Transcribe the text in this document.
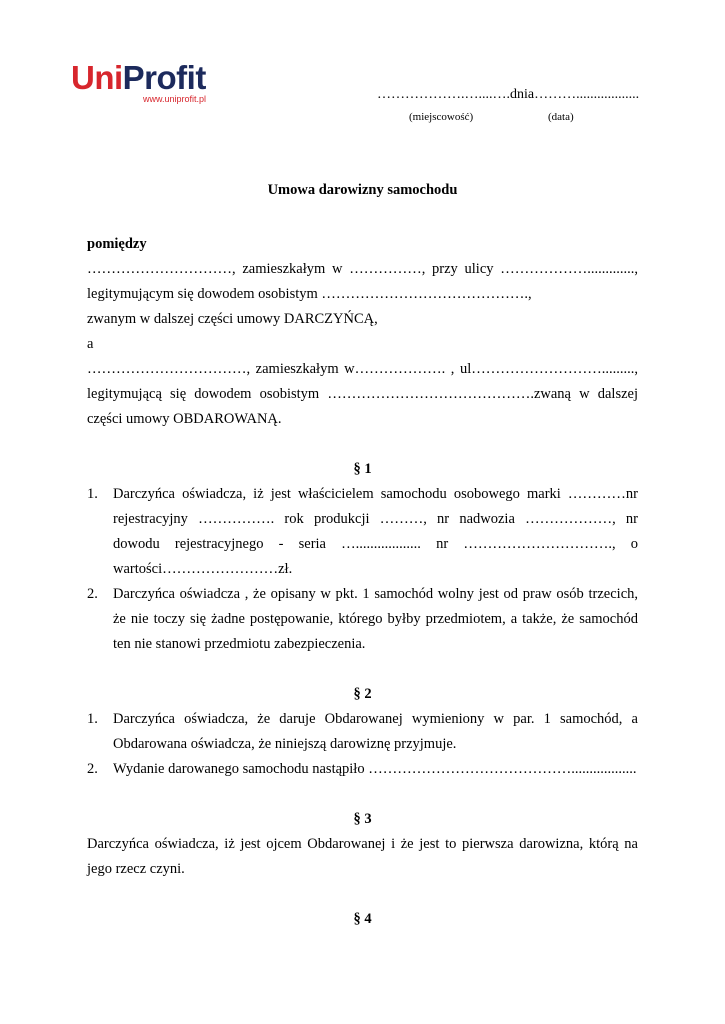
UniProfit
www.uniprofit.pl	……………….…....….dnia………..................
(miejscowość)	(data)
Umowa darowizny samochodu

pomiędzy

…………………………, zamieszkałym w ……………, przy ulicy ……………….............,

legitymującym się dowodem osobistym …………………………………….,

zwanym w dalszej części umowy DARCZYŃCĄ,

a

……………………………, zamieszkałym w………………. , ul……………………….........,

legitymującą się dowodem osobistym …………………………………….zwaną w dalszej

części umowy OBDAROWANĄ.

§ 1

1. Darczyńca oświadcza, iż jest właścicielem samochodu osobowego marki …………nr

rejestracyjny ……………. rok produkcji ………, nr nadwozia ………………, nr

dowodu rejestracyjnego - seria ….................. nr …………………………., o

wartości……………………zł.

2. Darczyńca oświadcza , że opisany w pkt. 1 samochód wolny jest od praw osób trzecich,

że nie toczy się żadne postępowanie, którego byłby przedmiotem, a także, że samochód

ten nie stanowi przedmiotu zabezpieczenia.

§ 2

1. Darczyńca oświadcza, że daruje Obdarowanej wymieniony w par. 1 samochód, a

Obdarowana oświadcza, że niniejszą darowiznę przyjmuje.

2. Wydanie darowanego samochodu nastąpiło ……………………………………..................

§ 3

Darczyńca oświadcza, iż jest ojcem Obdarowanej i że jest to pierwsza darowizna, którą na

jego rzecz czyni.

§ 4
